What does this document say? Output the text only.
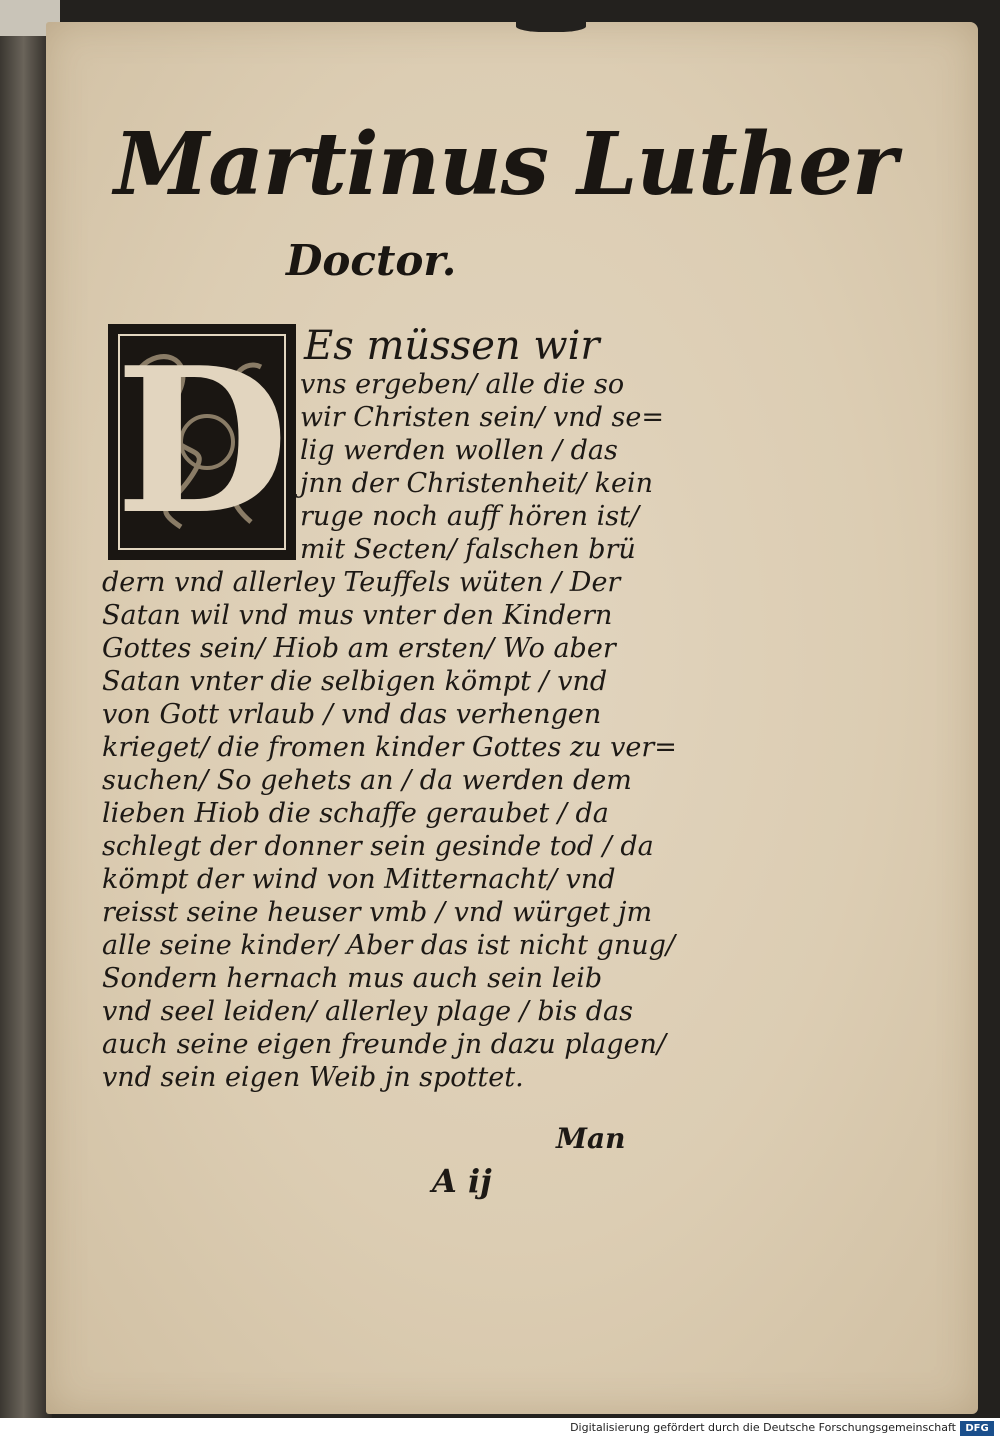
Martinus Luther
Doctor.
D Es müssen wir
vns ergeben/ alle die so
wir Christen sein/ vnd se=
lig werden wollen / das
jnn der Christenheit/ kein
ruge noch auff hören ist/
mit Secten/ falschen brü
dern vnd allerley Teuffels wüten / Der
Satan wil vnd mus vnter den Kindern
Gottes sein/ Hiob am ersten/ Wo aber
Satan vnter die selbigen kömpt / vnd
von Gott vrlaub / vnd das verhengen
krieget/ die fromen kinder Gottes zu ver=
suchen/ So gehets an / da werden dem
lieben Hiob die schaffe geraubet / da
schlegt der donner sein gesinde tod / da
kömpt der wind von Mitternacht/ vnd
reisst seine heuser vmb / vnd würget jm
alle seine kinder/ Aber das ist nicht gnug/
Sondern hernach mus auch sein leib
vnd seel leiden/ allerley plage / bis das
auch seine eigen freunde jn dazu plagen/
vnd sein eigen Weib jn spottet.

Man

A ij

Digitalisierung gefördert durch die Deutsche Forschungsgemeinschaft DFG
